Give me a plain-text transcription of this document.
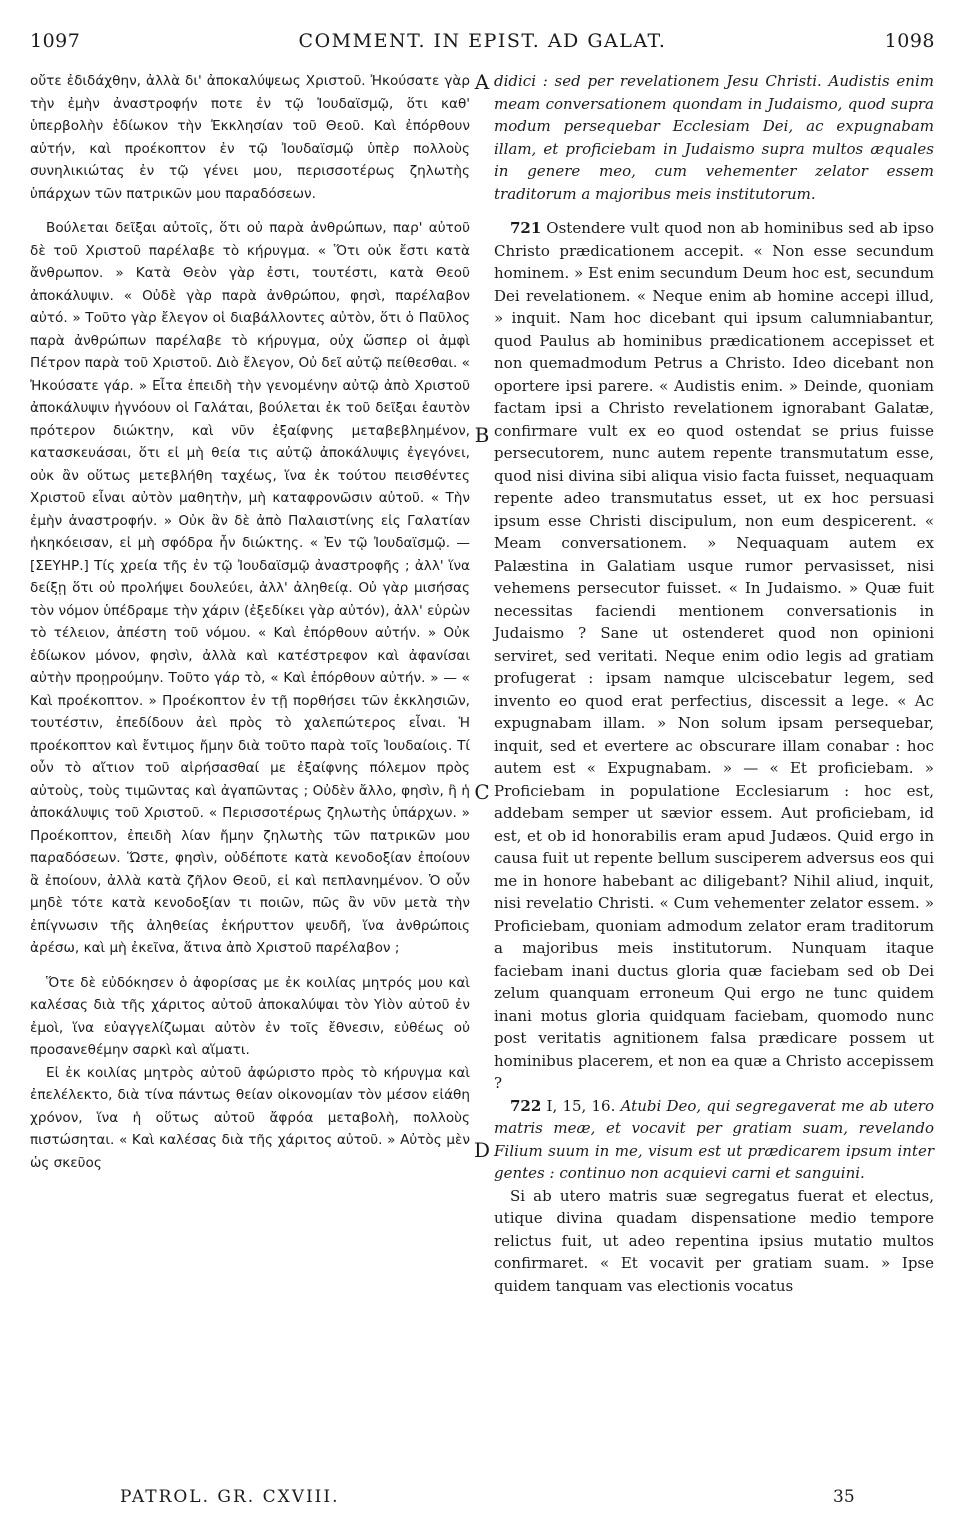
1097	COMMENT. IN EPIST. AD GALAT.	1098

οὔτε ἐδιδάχθην, ἀλλὰ δι' ἀποκαλύψεως Χριστοῦ. Ἠκούσατε γὰρ τὴν ἐμὴν ἀναστροφήν ποτε ἐν τῷ Ἰουδαϊσμῷ, ὅτι καθ' ὑπερβολὴν ἐδίωκον τὴν Ἐκκλησίαν τοῦ Θεοῦ. Καὶ ἐπόρθουν αὐτήν, καὶ προέκοπτον ἐν τῷ Ἰουδαϊσμῷ ὑπὲρ πολλοὺς συνηλικιώτας ἐν τῷ γένει μου, περισσοτέρως ζηλωτὴς ὑπάρχων τῶν πατρικῶν μου παραδόσεων.

Βούλεται δεῖξαι αὐτοῖς, ὅτι οὐ παρὰ ἀνθρώπων, παρ' αὐτοῦ δὲ τοῦ Χριστοῦ παρέλαβε τὸ κήρυγμα. « Ὅτι οὐκ ἔστι κατὰ ἄνθρωπον. » Κατὰ Θεὸν γὰρ ἐστι, τουτέστι, κατὰ Θεοῦ ἀποκάλυψιν. « Οὐδὲ γὰρ παρὰ ἀνθρώπου, φησὶ, παρέλαβον αὐτό. » Τοῦτο γὰρ ἔλεγον οἱ διαβάλλοντες αὐτὸν, ὅτι ὁ Παῦλος παρὰ ἀνθρώπων παρέλαβε τὸ κήρυγμα, οὐχ ὥσπερ οἱ ἀμφὶ Πέτρον παρὰ τοῦ Χριστοῦ. Διὸ ἔλεγον, Οὐ δεῖ αὐτῷ πείθεσθαι. « Ἠκούσατε γάρ. » Εἶτα ἐπειδὴ τὴν γενομένην αὐτῷ ἀπὸ Χριστοῦ ἀποκάλυψιν ἠγνόουν οἱ Γαλάται, βούλεται ἐκ τοῦ δεῖξαι ἑαυτὸν πρότερον διώκτην, καὶ νῦν ἐξαίφνης μεταβεβλημένον, κατασκευάσαι, ὅτι εἰ μὴ θεία τις αὐτῷ ἀποκάλυψις ἐγεγόνει, οὐκ ἂν οὕτως μετεβλήθη ταχέως, ἵνα ἐκ τούτου πεισθέντες Χριστοῦ εἶναι αὐτὸν μαθητὴν, μὴ καταφρονῶσιν αὐτοῦ. « Τὴν ἐμὴν ἀναστροφήν. » Οὐκ ἂν δὲ ἀπὸ Παλαιστίνης εἰς Γαλατίαν ἠκηκόεισαν, εἰ μὴ σφόδρα ἦν διώκτης. « Ἐν τῷ Ἰουδαϊσμῷ. — [ΣΕΥΗΡ.] Τίς χρεία τῆς ἐν τῷ Ἰουδαϊσμῷ ἀναστροφῆς ; ἀλλ' ἵνα δείξῃ ὅτι οὐ προλήψει δουλεύει, ἀλλ' ἀληθείᾳ. Οὐ γὰρ μισήσας τὸν νόμον ὑπέδραμε τὴν χάριν (ἐξεδίκει γὰρ αὐτόν), ἀλλ' εὑρὼν τὸ τέλειον, ἀπέστη τοῦ νόμου. « Καὶ ἐπόρθουν αὐτήν. » Οὐκ ἐδίωκον μόνον, φησὶν, ἀλλὰ καὶ κατέστρεφον καὶ ἀφανίσαι αὐτὴν προῃρούμην. Τοῦτο γάρ τὸ, « Καὶ ἐπόρθουν αὐτήν. » — « Καὶ προέκοπτον. » Προέκοπτον ἐν τῇ πορθήσει τῶν ἐκκλησιῶν, τουτέστιν, ἐπεδίδουν ἀεὶ πρὸς τὸ χαλεπώτερος εἶναι. Ἡ προέκοπτον καὶ ἔντιμος ἤμην διὰ τοῦτο παρὰ τοῖς Ἰουδαίοις. Τί οὖν τὸ αἴτιον τοῦ αἱρήσασθαί με ἐξαίφνης πόλεμον πρὸς αὐτοὺς, τοὺς τιμῶντας καὶ ἀγαπῶντας ; Οὐδὲν ἄλλο, φησὶν, ἢ ἡ ἀποκάλυψις τοῦ Χριστοῦ. « Περισσοτέρως ζηλωτὴς ὑπάρχων. » Προέκοπτον, ἐπειδὴ λίαν ἤμην ζηλωτὴς τῶν πατρικῶν μου παραδόσεων. Ὥστε, φησὶν, οὐδέποτε κατὰ κενοδοξίαν ἐποίουν ἃ ἐποίουν, ἀλλὰ κατὰ ζῆλον Θεοῦ, εἰ καὶ πεπλανημένον. Ὁ οὖν μηδὲ τότε κατὰ κενοδοξίαν τι ποιῶν, πῶς ἂν νῦν μετὰ τὴν ἐπίγνωσιν τῆς ἀληθείας ἐκήρυττον ψευδῆ, ἵνα ἀνθρώποις ἀρέσω, καὶ μὴ ἐκεῖνα, ἅτινα ἀπὸ Χριστοῦ παρέλαβον ;

Ὅτε δὲ εὐδόκησεν ὁ ἀφορίσας με ἐκ κοιλίας μητρός μου καὶ καλέσας διὰ τῆς χάριτος αὐτοῦ ἀποκαλύψαι τὸν Υἱὸν αὐτοῦ ἐν ἐμοὶ, ἵνα εὐαγγελίζωμαι αὐτὸν ἐν τοῖς ἔθνεσιν, εὐθέως οὐ προσανεθέμην σαρκὶ καὶ αἵματι.

Εἰ ἐκ κοιλίας μητρὸς αὐτοῦ ἀφώριστο πρὸς τὸ κήρυγμα καὶ ἐπελέλεκτο, διὰ τίνα πάντως θείαν οἰκονομίαν τὸν μέσον εἰάθη χρόνον, ἵνα ἡ οὕτως αὐτοῦ ἄφρόα μεταβολὴ, πολλοὺς πιστώσηται. « Καὶ καλέσας διὰ τῆς χάριτος αὐτοῦ. » Αὐτὸς μὲν ὡς σκεῦος

A
B
C
D

didici : sed per revelationem Jesu Christi. Audistis enim meam conversationem quondam in Judaismo, quod supra modum persequebar Ecclesiam Dei, ac expugnabam illam, et proficiebam in Judaismo supra multos æquales in genere meo, cum vehementer zelator essem traditorum a majoribus meis institutorum.

721 Ostendere vult quod non ab hominibus sed ab ipso Christo prædicationem accepit. « Non esse secundum hominem. » Est enim secundum Deum hoc est, secundum Dei revelationem. « Neque enim ab homine accepi illud, » inquit. Nam hoc dicebant qui ipsum calumniabantur, quod Paulus ab hominibus prædicationem accepisset et non quemadmodum Petrus a Christo. Ideo dicebant non oportere ipsi parere. « Audistis enim. » Deinde, quoniam factam ipsi a Christo revelationem ignorabant Galatæ, confirmare vult ex eo quod ostendat se prius fuisse persecutorem, nunc autem repente transmutatum esse, quod nisi divina sibi aliqua visio facta fuisset, nequaquam repente adeo transmutatus esset, ut ex hoc persuasi ipsum esse Christi discipulum, non eum despicerent. « Meam conversationem. » Nequaquam autem ex Palæstina in Galatiam usque rumor pervasisset, nisi vehemens persecutor fuisset. « In Judaismo. » Quæ fuit necessitas faciendi mentionem conversationis in Judaismo ? Sane ut ostenderet quod non opinioni serviret, sed veritati. Neque enim odio legis ad gratiam profugerat : ipsam namque ulciscebatur legem, sed invento eo quod erat perfectius, discessit a lege. « Ac expugnabam illam. » Non solum ipsam persequebar, inquit, sed et evertere ac obscurare illam conabar : hoc autem est « Expugnabam. » — « Et proficiebam. » Proficiebam in populatione Ecclesiarum : hoc est, addebam semper ut sævior essem. Aut proficiebam, id est, et ob id honorabilis eram apud Judæos. Quid ergo in causa fuit ut repente bellum susciperem adversus eos qui me in honore habebant ac diligebant? Nihil aliud, inquit, nisi revelatio Christi. « Cum vehementer zelator essem. » Proficiebam, quoniam admodum zelator eram traditorum a majoribus meis institutorum. Nunquam itaque faciebam inani ductus gloria quæ faciebam sed ob Dei zelum quanquam erroneum Qui ergo ne tunc quidem inani motus gloria quidquam faciebam, quomodo nunc post veritatis agnitionem falsa prædicare possem ut hominibus placerem, et non ea quæ a Christo accepissem ?

722 I, 15, 16. Atubi Deo, qui segregaverat me ab utero matris meæ, et vocavit per gratiam suam, revelando Filium suum in me, visum est ut prædicarem ipsum inter gentes : continuo non acquievi carni et sanguini.

Si ab utero matris suæ segregatus fuerat et electus, utique divina quadam dispensatione medio tempore relictus fuit, ut adeo repentina ipsius mutatio multos confirmaret. « Et vocavit per gratiam suam. » Ipse quidem tanquam vas electionis vocatus

PATROL. GR. CXVIII.	35
